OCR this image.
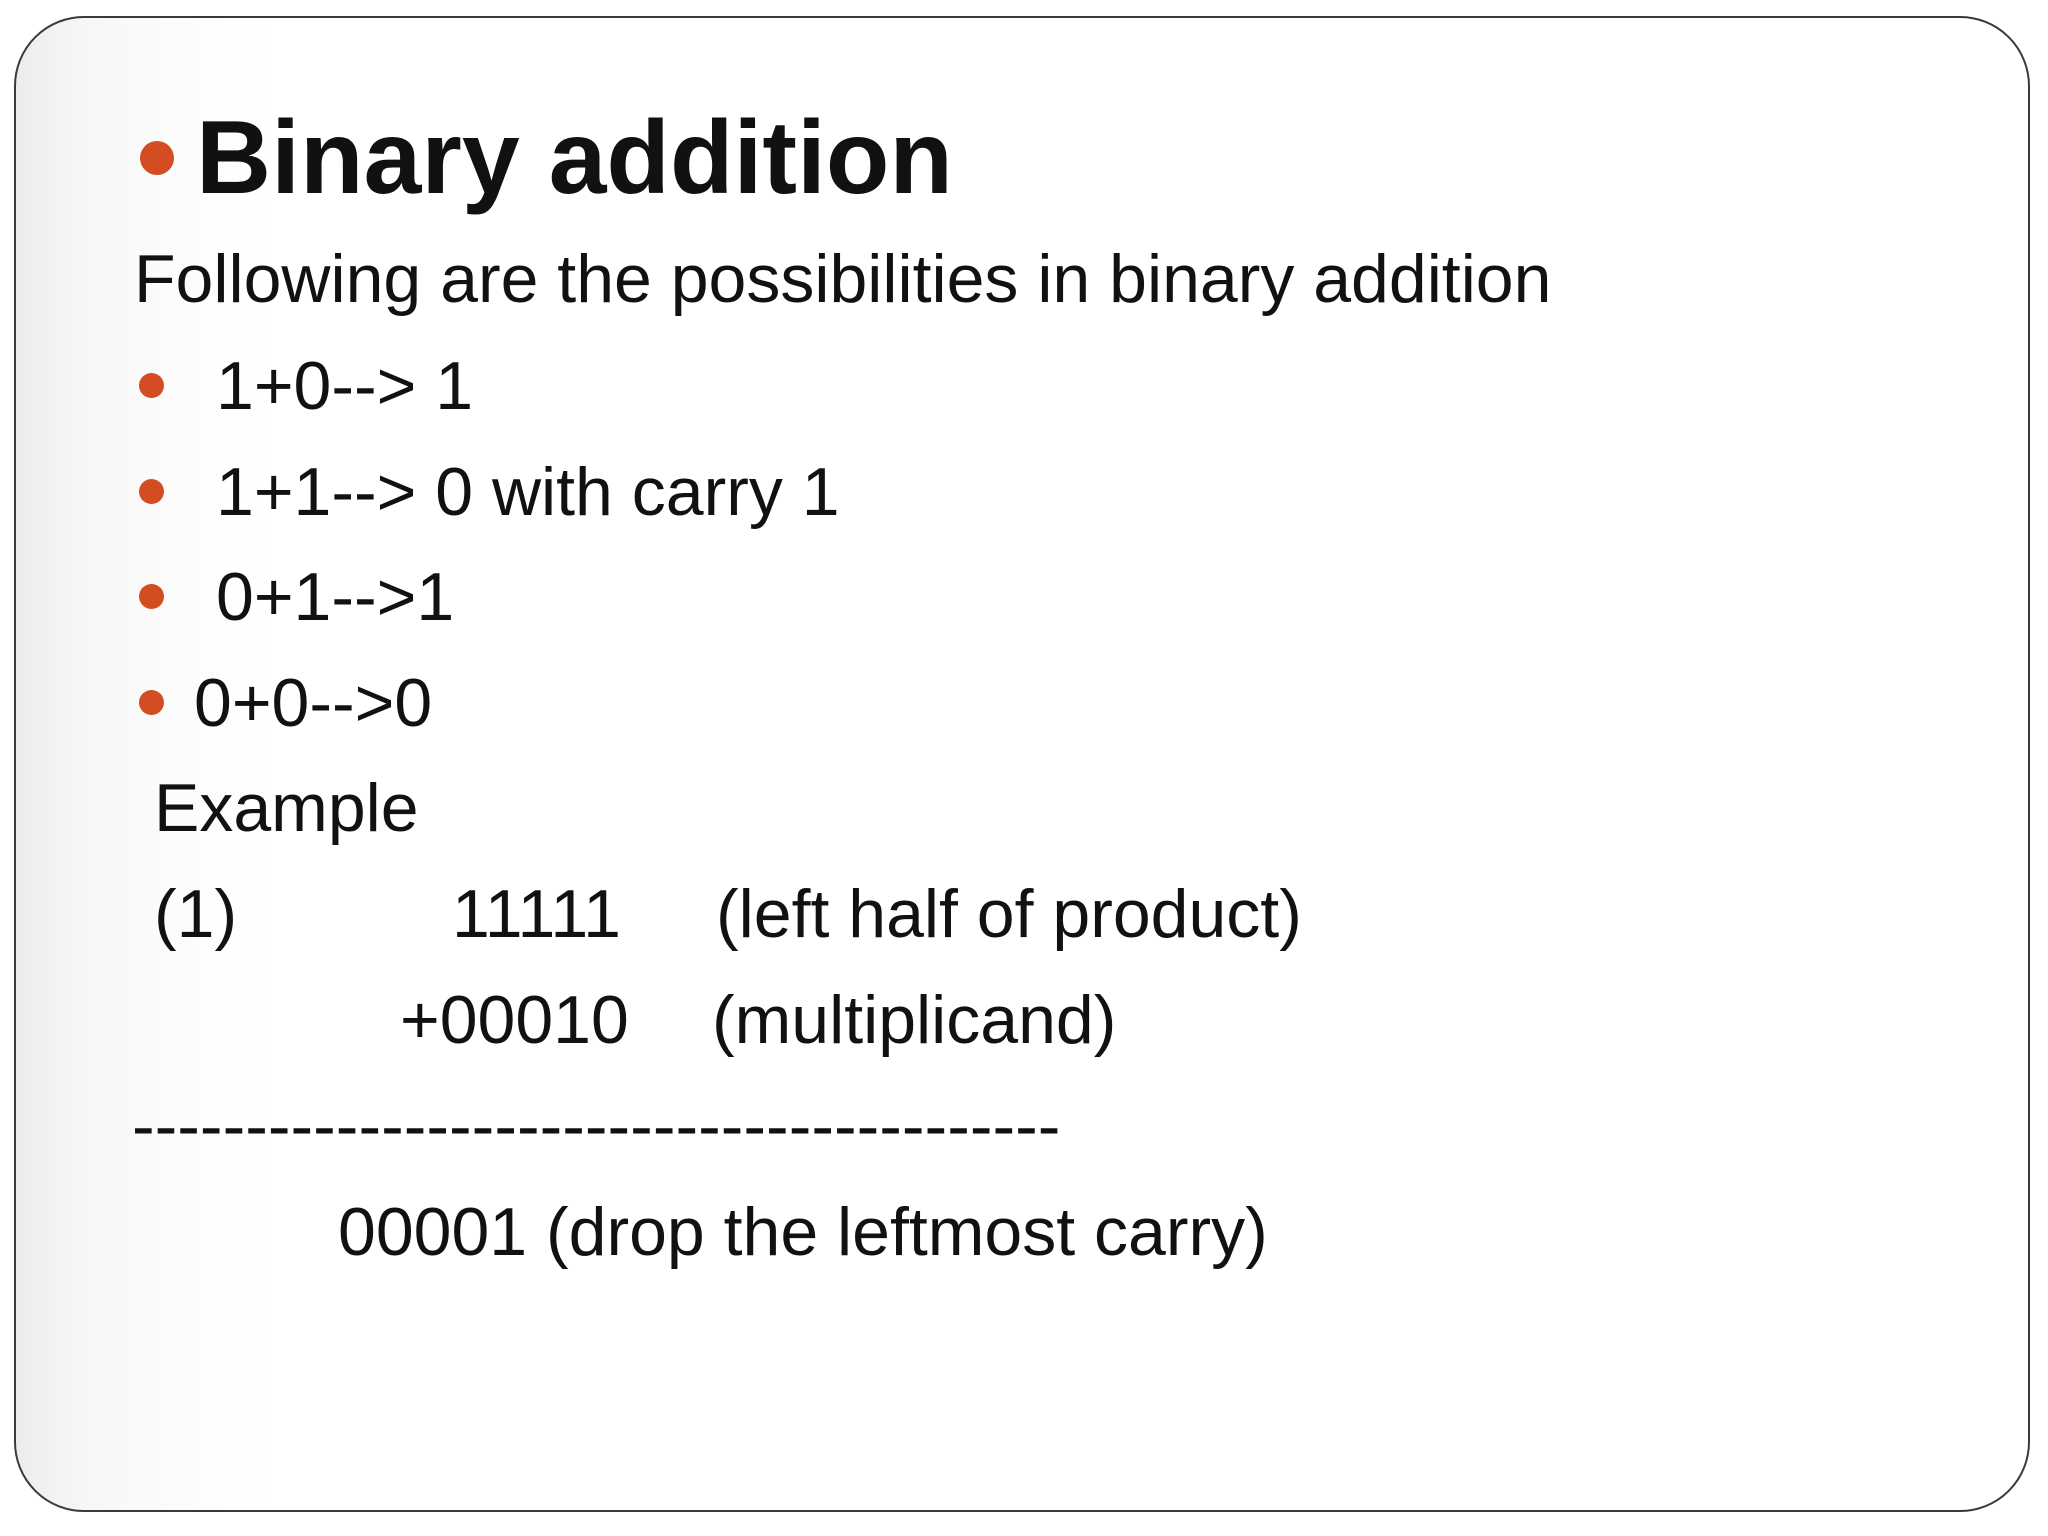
Binary addition
Following are the possibilities in binary addition
1+0--> 1
1+1--> 0 with carry 1
0+1-->1
0+0-->0
Example
(1)	11111 (left half of product)
+00010 (multiplicand)
-----------------------------------------
00001 (drop the leftmost carry)
